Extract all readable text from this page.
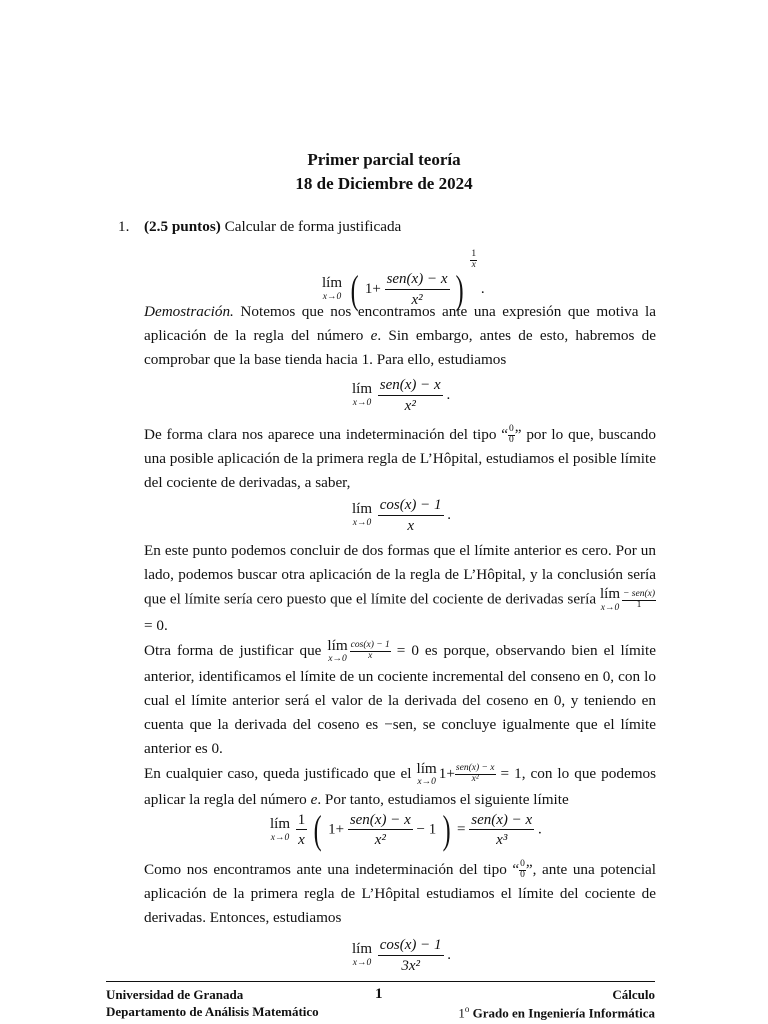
Primer parcial teoría
18 de Diciembre de 2024
1. (2.5 puntos) Calcular de forma justificada
lím
x→0 ( $1+ \frac{\text{sen(x) − x}}{\text{x²}}$ )
$\frac{1}{x}$
.

Demostración. Notemos que nos encontramos ante una expresión que motiva la aplicación de la regla del número e. Sin embargo, antes de esto, habremos de comprobar que la base tienda hacia 1. Para ello, estudiamos

lím
x→0
$\frac{\text{sen(x) − x}}{\text{x²}}$ .

De forma clara nos aparece una indeterminación del tipo “ $\frac{0}{0}$ ” por lo que, buscando una posible aplicación de la primera regla de L’Hôpital, estudiamos el posible límite del cociente de derivadas, a saber,

lím
x→0
$\frac{\cos(x) - 1}{x}$ .

En este punto podemos concluir de dos formas que el límite anterior es cero. Por un lado, podemos buscar otra aplicación de la regla de L’Hôpital, y la conclusión sería que el límite sería cero puesto que el límite del cociente de derivadas sería lím
$x\to 0 \frac{\text{− sen(x)}}{1}$
= 0.

Otra forma de justificar que lím
$x\to 0 \frac{\cos(x) - 1}{x} = 0$ es porque, observando bien el límite anterior, identificamos el límite de un cociente incremental del conseno en 0, con lo cual el límite anterior será el valor de la derivada del coseno en 0, y teniendo en cuenta que la derivada del coseno es −sen, se concluye igualmente que el límite anterior es 0.

En cualquier caso, queda justificado que el lím
x→0
$1+ \frac{\text{sen(x) − x}}{\text{x²}} = 1$, con lo que podemos aplicar la regla del número e. Por tanto, estudiamos el siguiente límite

lím
x→0
$\frac{1}{x}$ ( $1+ \frac{\text{sen(x) − x}}{\text{x²}} - 1$ ) = $\frac{\text{sen(x) − x}}{\text{x³}}$ .

Como nos encontramos ante una indeterminación del tipo “ $\frac{0}{0}$ ”, ante una potencial aplicación de la primera regla de L’Hôpital estudiamos el límite del cociente de derivadas. Entonces, estudiamos

lím
x→0
$\frac{\cos(x) - 1}{\text{3x²}}$ .
Universidad de Granada
Departamento de Análisis Matemático
1	Cálculo
1$^o$ Grado en Ingeniería Informática
